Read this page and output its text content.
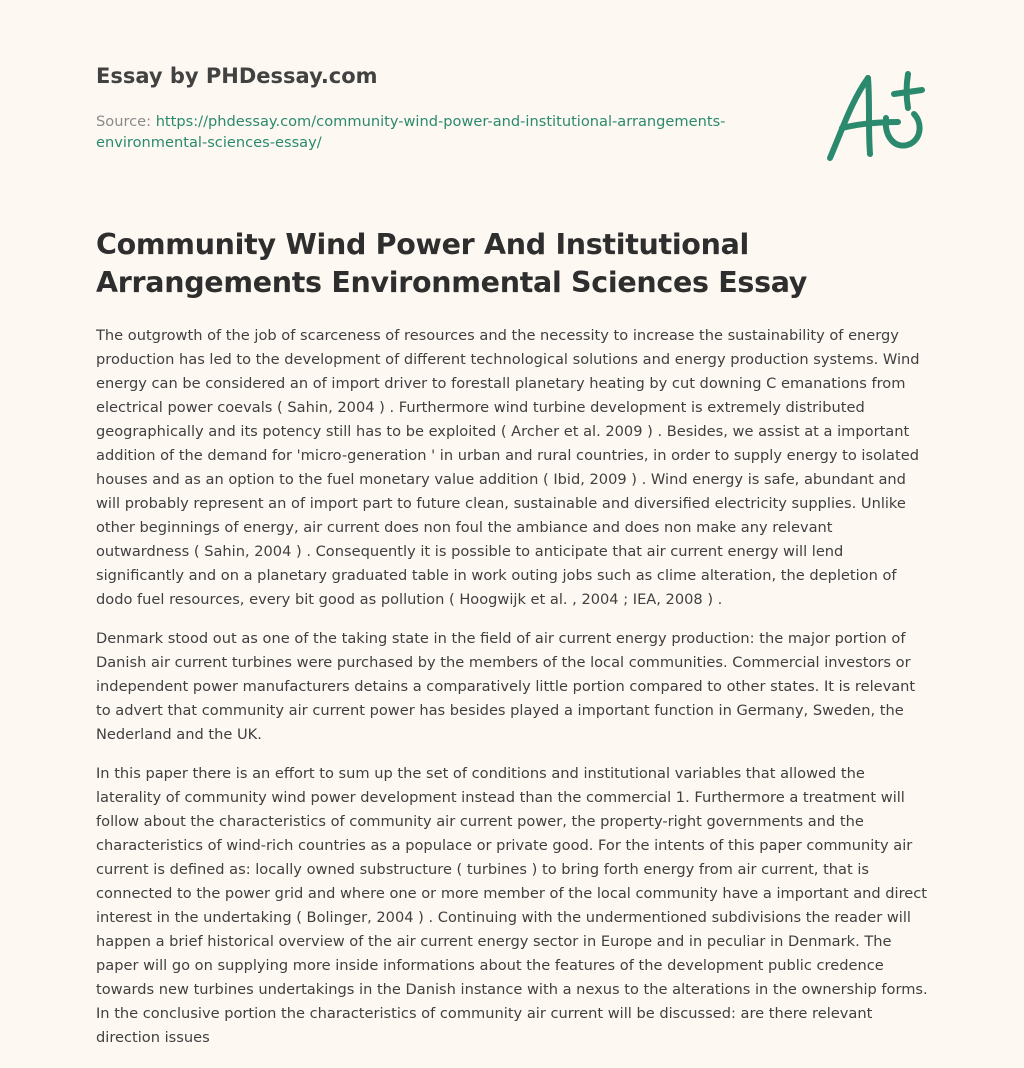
Essay by PHDessay.com
Source: https://phdessay.com/community-wind-power-and-institutional-arrangements-environmental-sciences-essay/
Community Wind Power And Institutional Arrangements Environmental Sciences Essay

The outgrowth of the job of scarceness of resources and the necessity to increase the sustainability of energy production has led to the development of different technological solutions and energy production systems. Wind energy can be considered an of import driver to forestall planetary heating by cut downing C emanations from electrical power coevals ( Sahin, 2004 ) . Furthermore wind turbine development is extremely distributed geographically and its potency still has to be exploited ( Archer et al. 2009 ) . Besides, we assist at a important addition of the demand for 'micro-generation ' in urban and rural countries, in order to supply energy to isolated houses and as an option to the fuel monetary value addition ( Ibid, 2009 ) . Wind energy is safe, abundant and will probably represent an of import part to future clean, sustainable and diversified electricity supplies. Unlike other beginnings of energy, air current does non foul the ambiance and does non make any relevant outwardness ( Sahin, 2004 ) . Consequently it is possible to anticipate that air current energy will lend significantly and on a planetary graduated table in work outing jobs such as clime alteration, the depletion of dodo fuel resources, every bit good as pollution ( Hoogwijk et al. , 2004 ; IEA, 2008 ) .

Denmark stood out as one of the taking state in the field of air current energy production: the major portion of Danish air current turbines were purchased by the members of the local communities. Commercial investors or independent power manufacturers detains a comparatively little portion compared to other states. It is relevant to advert that community air current power has besides played a important function in Germany, Sweden, the Nederland and the UK.

In this paper there is an effort to sum up the set of conditions and institutional variables that allowed the laterality of community wind power development instead than the commercial 1. Furthermore a treatment will follow about the characteristics of community air current power, the property-right governments and the characteristics of wind-rich countries as a populace or private good. For the intents of this paper community air current is defined as: locally owned substructure ( turbines ) to bring forth energy from air current, that is connected to the power grid and where one or more member of the local community have a important and direct interest in the undertaking ( Bolinger, 2004 ) . Continuing with the undermentioned subdivisions the reader will happen a brief historical overview of the air current energy sector in Europe and in peculiar in Denmark. The paper will go on supplying more inside informations about the features of the development public credence towards new turbines undertakings in the Danish instance with a nexus to the alterations in the ownership forms. In the conclusive portion the characteristics of community air current will be discussed: are there relevant direction issues
